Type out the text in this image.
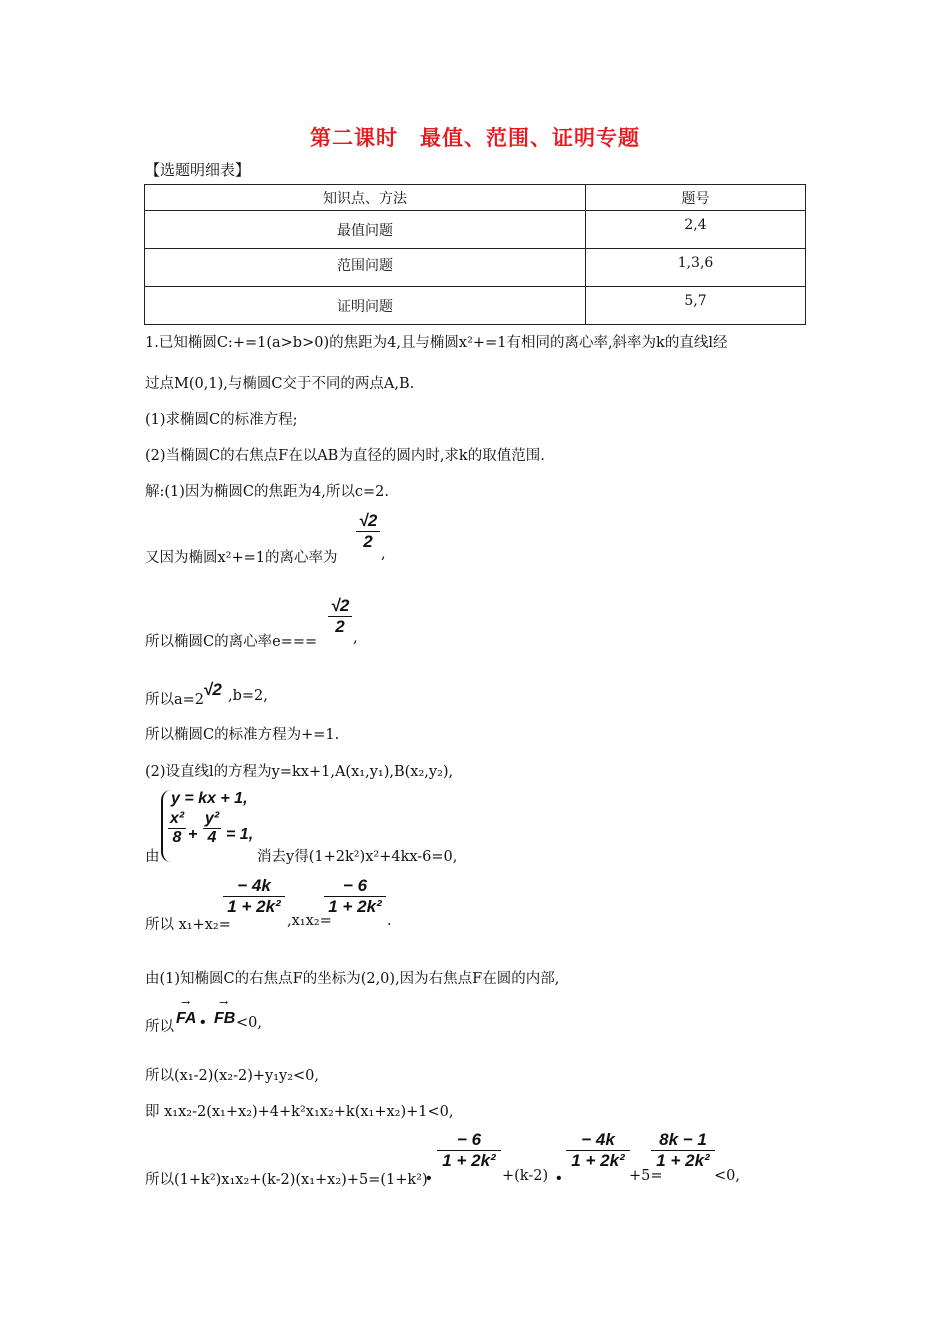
第二课时 最值、范围、证明专题
【选题明细表】
知识点、方法	题号
最值问题	2,4
范围问题	1,3,6
证明问题	5,7
1.已知椭圆C:+=1(a>b>0)的焦距为4,且与椭圆x²+=1有相同的离心率,斜率为k的直线l经
过点M(0,1),与椭圆C交于不同的两点A,B.
(1)求椭圆C的标准方程;
(2)当椭圆C的右焦点F在以AB为直径的圆内时,求k的取值范围.
解:(1)因为椭圆C的焦距为4,所以c=2.
又因为椭圆x²+=1的离心率为
√2
2
,
所以椭圆C的离心率e===
√2
2
,
所以a=2
√2 ,b=2,
所以椭圆C的标准方程为+=1.
(2)设直线l的方程为y=kx+1,A(x₁,y₁),B(x₂,y₂),
由
y = kx + 1,
x²
8 +
y²
4 = 1,
消去y得(1+2k²)x²+4kx-6=0,
所以 x₁+x₂=
− 4k
1 + 2k²
,x₁x₂=
− 6
1 + 2k²
.
由(1)知椭圆C的右焦点F的坐标为(2,0),因为右焦点F在圆的内部,
所以
→
FA •
→
FB <0,
所以(x₁-2)(x₂-2)+y₁y₂<0,
即 x₁x₂-2(x₁+x₂)+4+k²x₁x₂+k(x₁+x₂)+1<0,
所以(1+k²)x₁x₂+(k-2)(x₁+x₂)+5=(1+k²)
•
− 6
1 + 2k²
+(k-2) •
− 4k
1 + 2k²
+5=
8k − 1
1 + 2k²
<0,
